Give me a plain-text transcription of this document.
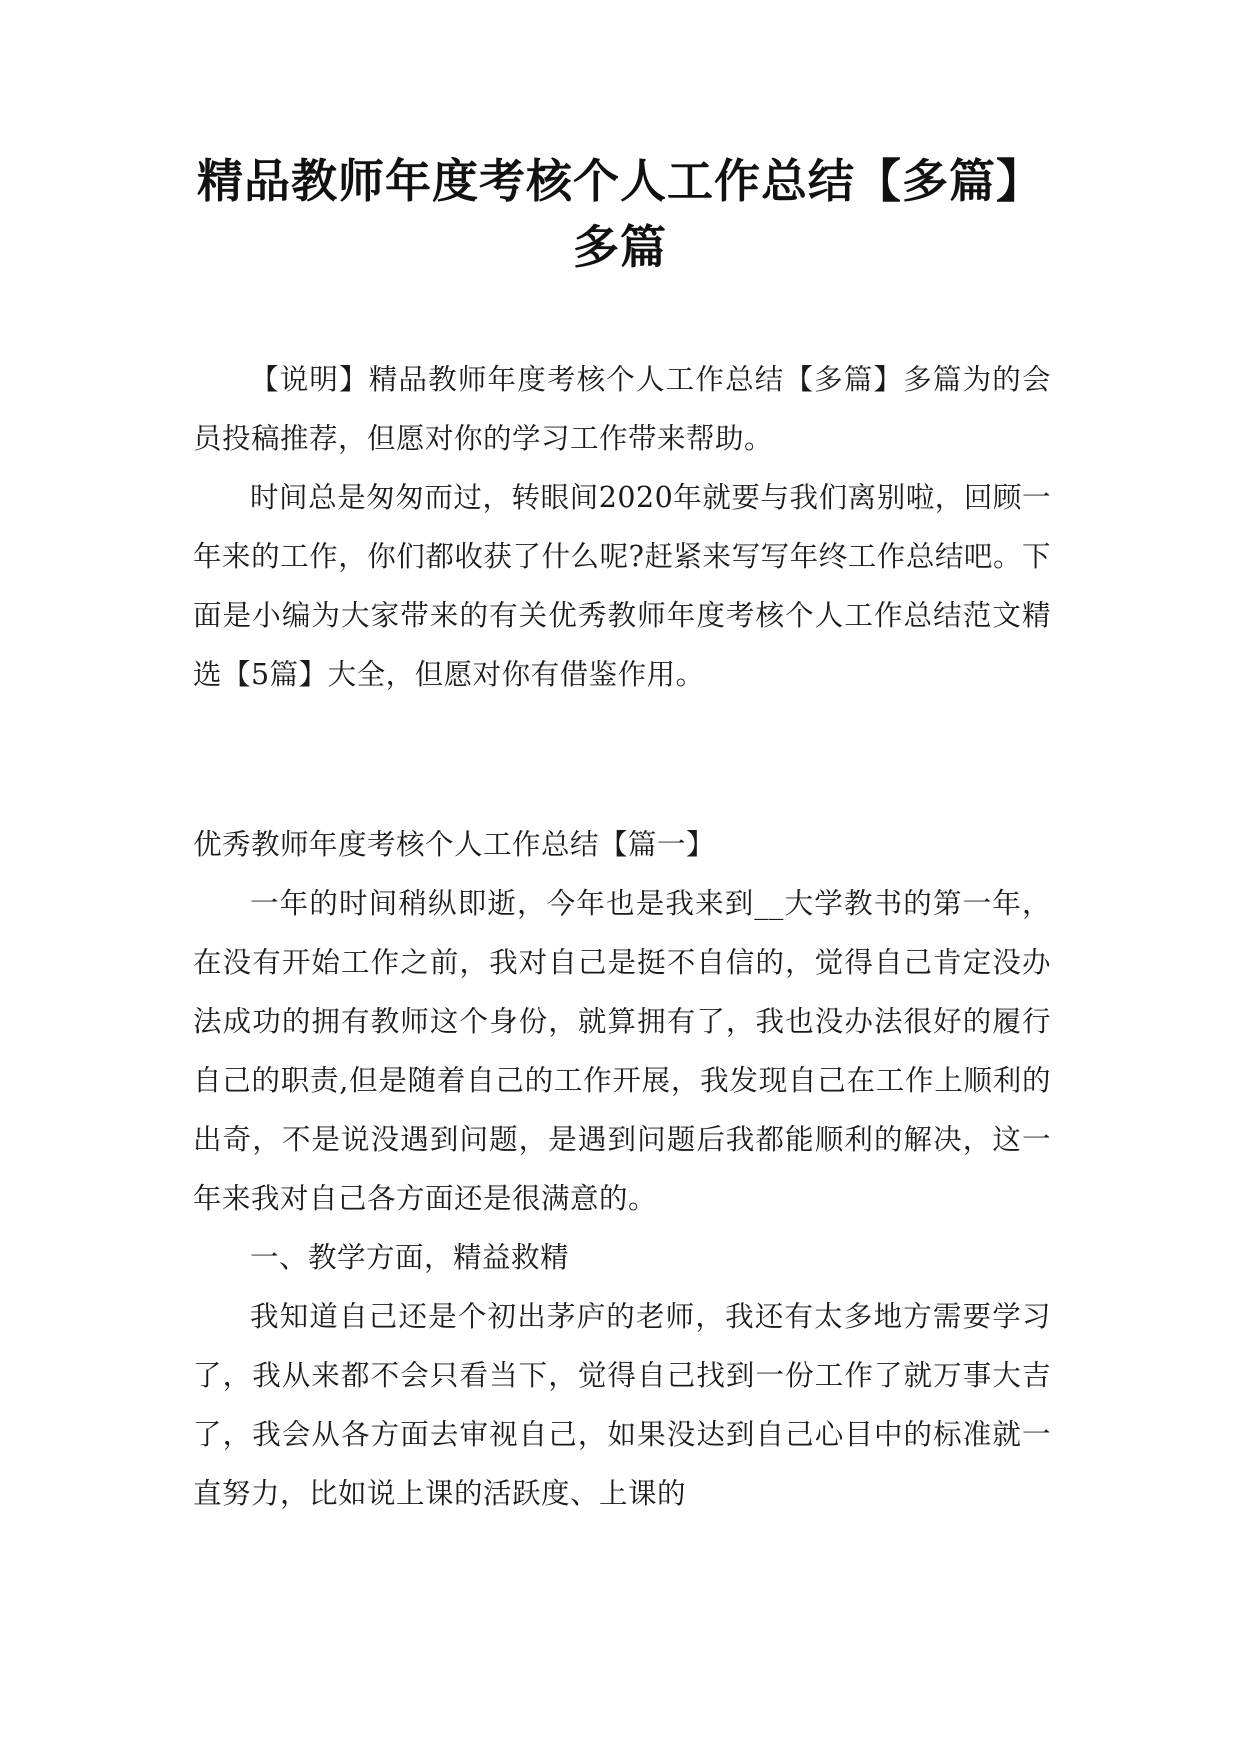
精品教师年度考核个人工作总结【多篇】多篇

【说明】精品教师年度考核个人工作总结【多篇】多篇为的会员投稿推荐，但愿对你的学习工作带来帮助。

时间总是匆匆而过，转眼间2020年就要与我们离别啦，回顾一年来的工作，你们都收获了什么呢?赶紧来写写年终工作总结吧。下面是小编为大家带来的有关优秀教师年度考核个人工作总结范文精选【5篇】大全，但愿对你有借鉴作用。

优秀教师年度考核个人工作总结【篇一】

一年的时间稍纵即逝，今年也是我来到__大学教书的第一年，在没有开始工作之前，我对自己是挺不自信的，觉得自己肯定没办法成功的拥有教师这个身份，就算拥有了，我也没办法很好的履行自己的职责,但是随着自己的工作开展，我发现自己在工作上顺利的出奇，不是说没遇到问题，是遇到问题后我都能顺利的解决，这一年来我对自己各方面还是很满意的。

一、教学方面，精益救精

我知道自己还是个初出茅庐的老师，我还有太多地方需要学习了，我从来都不会只看当下，觉得自己找到一份工作了就万事大吉了，我会从各方面去审视自己，如果没达到自己心目中的标准就一直努力，比如说上课的活跃度、上课的
